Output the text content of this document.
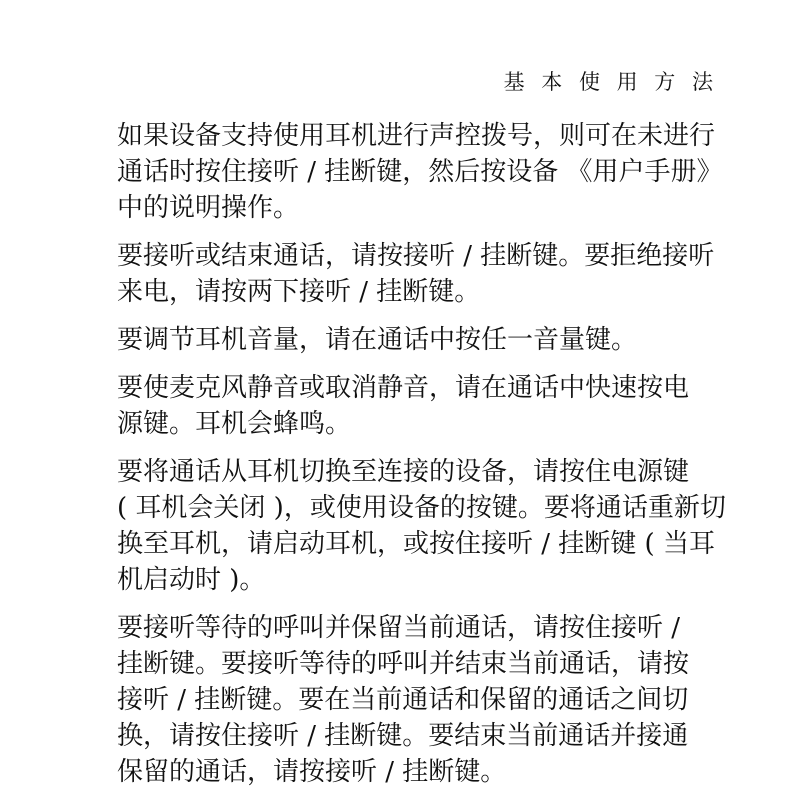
基 本 使 用 方 法
如果设备支持使用耳机进行声控拨号，则可在未进行
通话时按住接听 / 挂断键，然后按设备 《用户手册》
中的说明操作。
要接听或结束通话，请按接听 / 挂断键。要拒绝接听
来电，请按两下接听 / 挂断键。
要调节耳机音量，请在通话中按任一音量键。
要使麦克风静音或取消静音，请在通话中快速按电
源键。耳机会蜂鸣。
要将通话从耳机切换至连接的设备，请按住电源键
( 耳机会关闭 )，或使用设备的按键。要将通话重新切
换至耳机，请启动耳机，或按住接听 / 挂断键 ( 当耳
机启动时 )。
要接听等待的呼叫并保留当前通话，请按住接听 /
挂断键。要接听等待的呼叫并结束当前通话，请按
接听 / 挂断键。要在当前通话和保留的通话之间切
换，请按住接听 / 挂断键。要结束当前通话并接通
保留的通话，请按接听 / 挂断键。
